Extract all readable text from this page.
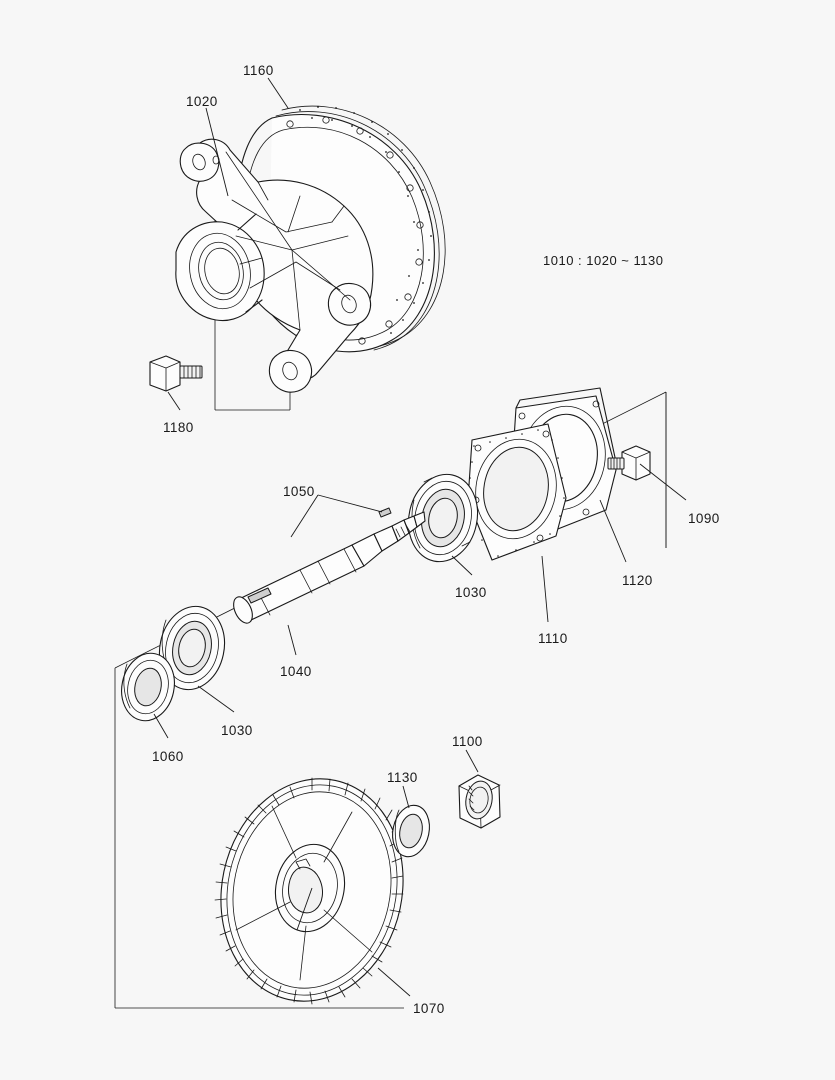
1010 : 1020 ~ 1130
1160
1020
1180
1050
1030
1090
1120
1110
1040
1030
1060
1100
1130
1070
